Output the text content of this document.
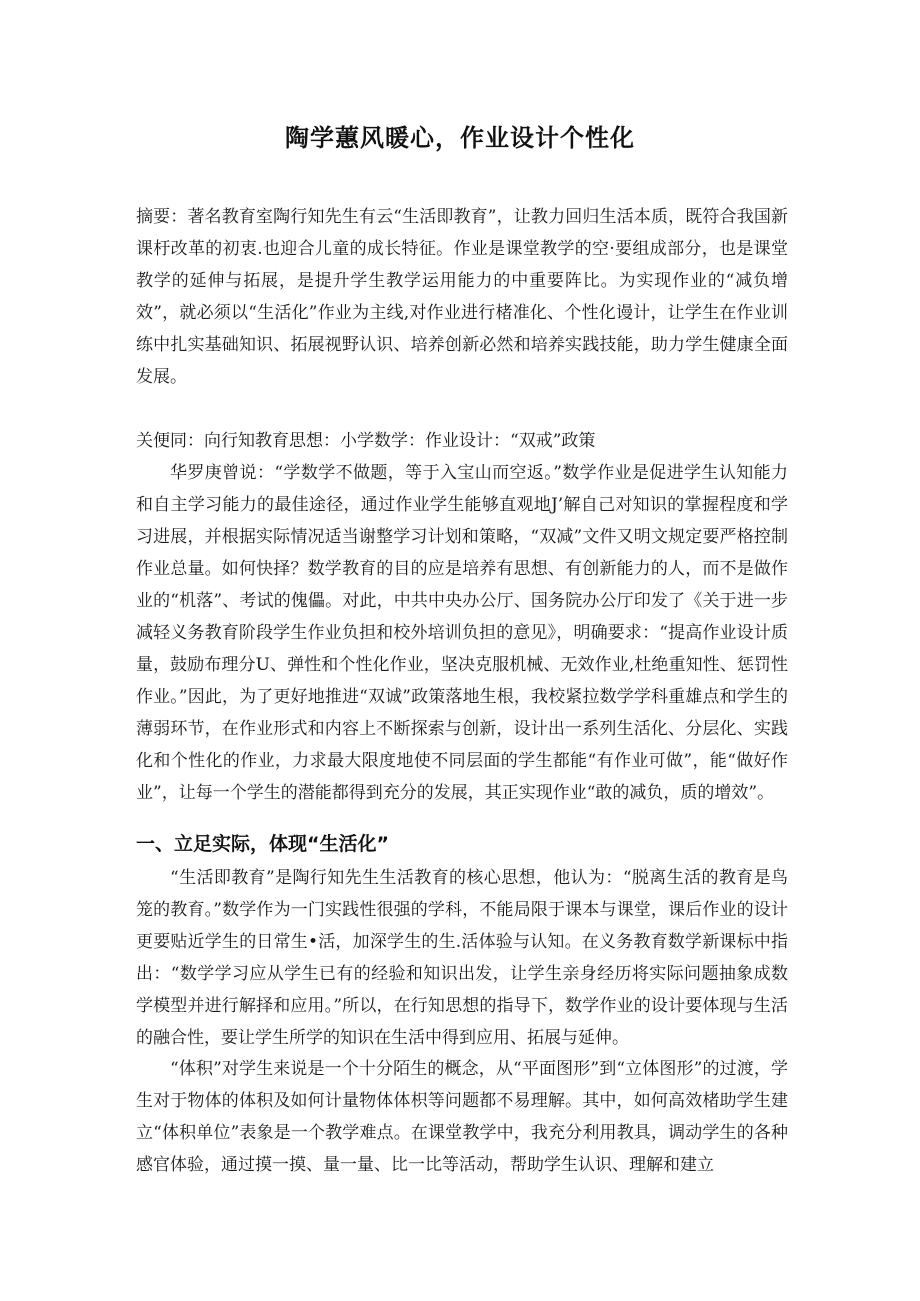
陶学蕙风暖心，作业设计个性化

摘要：著名教育室陶行知先生有云“生活即教育”，让教力回归生活本质，既符合我国新课杅改革的初衷.也迎合儿童的成长特征。作业是课堂教学的空·要组成部分，也是课堂教学的延伸与拓展，是提升学生教学运用能力的中重要阵比。为实现作业的“减负增效”，就必须以“生活化”作业为主线,对作业进行楮准化、个性化谩计，让学生在作业训练中扎实基础知识、拓展视野认识、培养创新必然和培养实践技能，助力学生健康全面发展。

关便同：向行知教育思想：小学数学：作业设计：“双戒”政策

华罗庚曾说：“学数学不做题，等于入宝山而空返。”数学作业是促进学生认知能力和自主学习能力的最佳途径，通过作业学生能够直观地J’解自己对知识的掌握程度和学习进展，并根据实际情况适当谢整学习计划和策略，“双减”文件又明文规定要严格控制作业总量。如何快择？数学教育的目的应是培养有思想、有创新能力的人，而不是做作业的“机落”、考试的傀儡。对此，中共中央办公厅、国务院办公厅印发了《关于进一步减轻义务教育阶段学生作业负担和校外培训负担的意见》，明确要求：“提高作业设计质量，鼓励布理分U、弹性和个性化作业，坚决克服机械、无效作业,杜绝重知性、惩罚性作业。”因此，为了更好地推进“双诚”政策落地生根，我校紧拉数学学科重雄点和学生的薄弱环节，在作业形式和内容上不断探索与创新，设计出一系列生活化、分层化、实践化和个性化的作业，力求最大限度地使不同层面的学生都能“有作业可做”，能“做好作业”，让每一个学生的潜能都得到充分的发展，其正实现作业“敢的减负，质的增效”。

一、立足实际，体现“生活化”

“生活即教育”是陶行知先生生活教育的核心思想，他认为：“脱离生活的教育是鸟笼的教育。”数学作为一门实践性很强的学科，不能局限于课本与课堂，课后作业的设计更要贴近学生的日常生•活，加深学生的生.活体验与认知。在义务教育数学新课标中指出：“数学学习应从学生已有的经验和知识出发，让学生亲身经历将实际问题抽象成数学模型并进行解择和应用。”所以，在行知思想的指导下，数学作业的设计要体现与生活的融合性，要让学生所学的知识在生活中得到应用、拓展与延伸。

“体积”对学生来说是一个十分陌生的概念，从“平面图形”到“立体图形”的过渡，学生对于物体的体积及如何计量物体体枳等问题都不易理解。其中，如何高效楮助学生建立“体积单位”表象是一个教学难点。在课堂教学中，我充分利用教具，调动学生的各种感官体验，通过摸一摸、量一量、比一比等活动，帮助学生认识、理解和建立
